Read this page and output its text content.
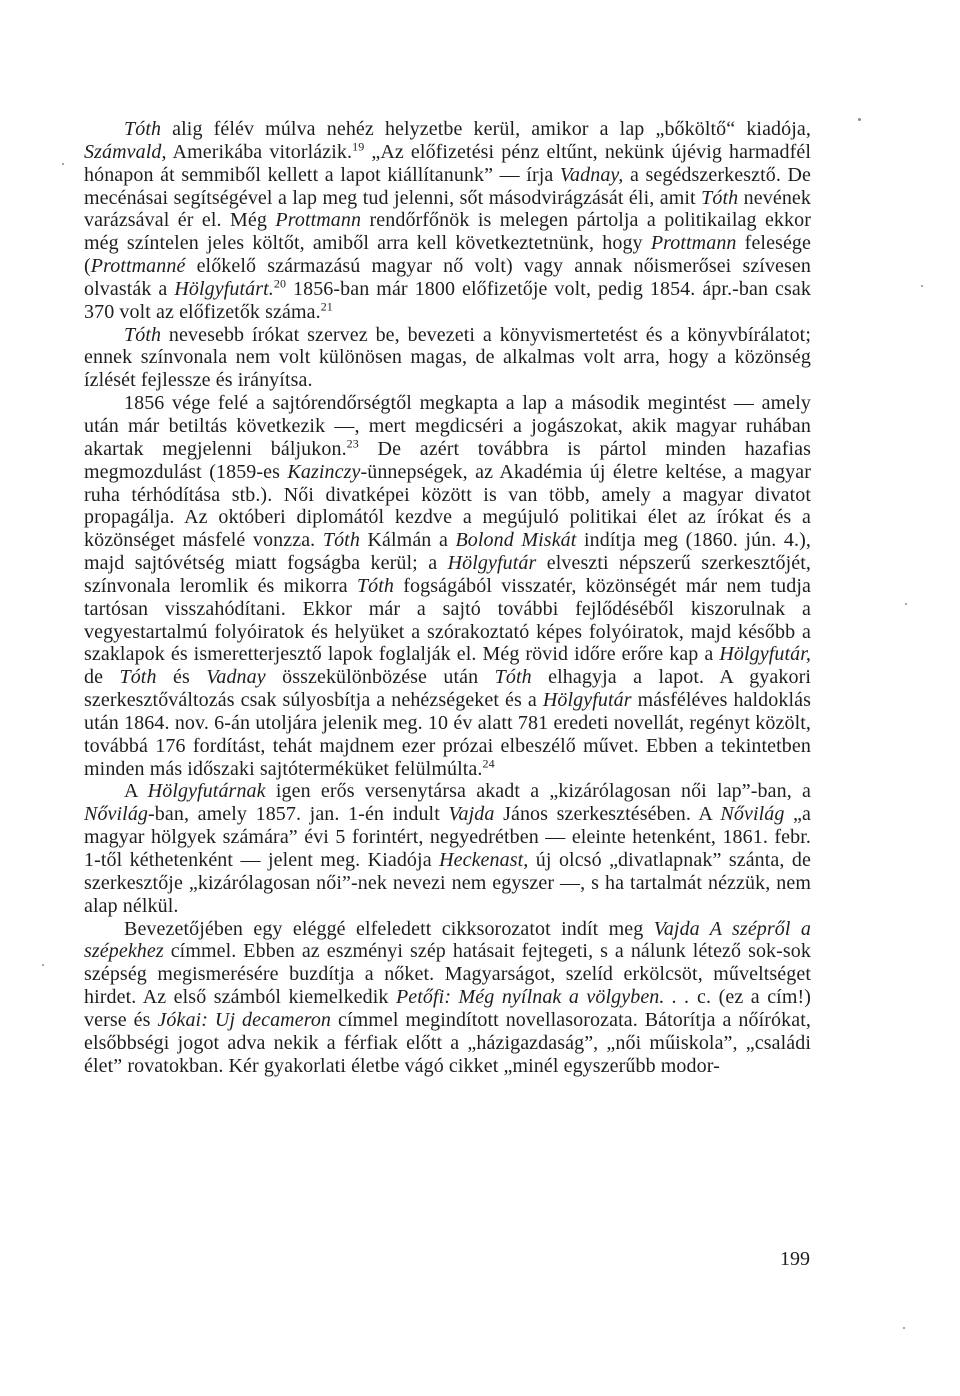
Tóth alig félév múlva nehéz helyzetbe kerül, amikor a lap „bőköltő“ kiadója, Számvald, Amerikába vitorlázik.$^{19}$ „Az előfizetési pénz eltűnt, nekünk újévig harmadfél hónapon át semmiből kellett a lapot kiállítanunk” — írja Vadnay, a segédszerkesztő. De mecénásai segítségével a lap meg tud jelenni, sőt másodvirágzását éli, amit Tóth nevének varázsával ér el. Még Prottmann rendőrfőnök is melegen pártolja a politikailag ekkor még színtelen jeles költőt, amiből arra kell következtetnünk, hogy Prottmann felesége (Prottmanné előkelő származású magyar nő volt) vagy annak nőismerősei szívesen olvasták a Hölgyfutárt.$^{20}$ 1856-ban már 1800 előfizetője volt, pedig 1854. ápr.-ban csak 370 volt az előfizetők száma.$^{21}$

Tóth nevesebb írókat szervez be, bevezeti a könyvismertetést és a könyvbírálatot; ennek színvonala nem volt különösen magas, de alkalmas volt arra, hogy a közönség ízlését fejlessze és irányítsa.

1856 vége felé a sajtórendőrségtől megkapta a lap a második megintést — amely után már betiltás következik —, mert megdicséri a jogászokat, akik magyar ruhában akartak megjelenni báljukon.$^{23}$ De azért továbbra is pártol minden hazafias megmozdulást (1859-es Kazinczy-ünnepségek, az Akadémia új életre keltése, a magyar ruha térhódítása stb.). Női divatképei között is van több, amely a magyar divatot propagálja. Az októberi diplomától kezdve a megújuló politikai élet az írókat és a közönséget másfelé vonzza. Tóth Kálmán a Bolond Miskát indítja meg (1860. jún. 4.), majd sajtóvétség miatt fogságba kerül; a Hölgyfutár elveszti népszerű szerkesztőjét, színvonala leromlik és mikorra Tóth fogságából visszatér, közönségét már nem tudja tartósan visszahódítani. Ekkor már a sajtó további fejlődéséből kiszorulnak a vegyestartalmú folyóiratok és helyüket a szórakoztató képes folyóiratok, majd később a szaklapok és ismeretterjesztő lapok foglalják el. Még rövid időre erőre kap a Hölgyfutár, de Tóth és Vadnay összekülönbözése után Tóth elhagyja a lapot. A gyakori szerkesztőváltozás csak súlyosbítja a nehézségeket és a Hölgyfutár másféléves haldoklás után 1864. nov. 6-án utoljára jelenik meg. 10 év alatt 781 eredeti novellát, regényt közölt, továbbá 176 fordítást, tehát majdnem ezer prózai elbeszélő művet. Ebben a tekintetben minden más időszaki sajtóterméküket felülmúlta.$^{24}$

A Hölgyfutárnak igen erős versenytársa akadt a „kizárólagosan női lap”-ban, a Nővilág-ban, amely 1857. jan. 1-én indult Vajda János szerkesztésében. A Nővilág „a magyar hölgyek számára” évi 5 forintért, negyedrétben — eleinte hetenként, 1861. febr. 1-től kéthetenként — jelent meg. Kiadója Heckenast, új olcsó „divatlapnak” szánta, de szerkesztője „kizárólagosan női”-nek nevezi nem egyszer —, s ha tartalmát nézzük, nem alap nélkül.

Bevezetőjében egy eléggé elfeledett cikksorozatot indít meg Vajda A szépről a szépekhez címmel. Ebben az eszményi szép hatásait fejtegeti, s a nálunk létező sok-sok szépség megismerésére buzdítja a nőket. Magyarságot, szelíd erkölcsöt, műveltséget hirdet. Az első számból kiemelkedik Petőfi: Még nyílnak a völgyben. . . c. (ez a cím!) verse és Jókai: Uj decameron címmel megindított novellasorozata. Bátorítja a nőírókat, elsőbbségi jogot adva nekik a férfiak előtt a „házigazdaság”, „női műiskola”, „családi élet” rovatokban. Kér gyakorlati életbe vágó cikket „minél egyszerűbb modor-

199
